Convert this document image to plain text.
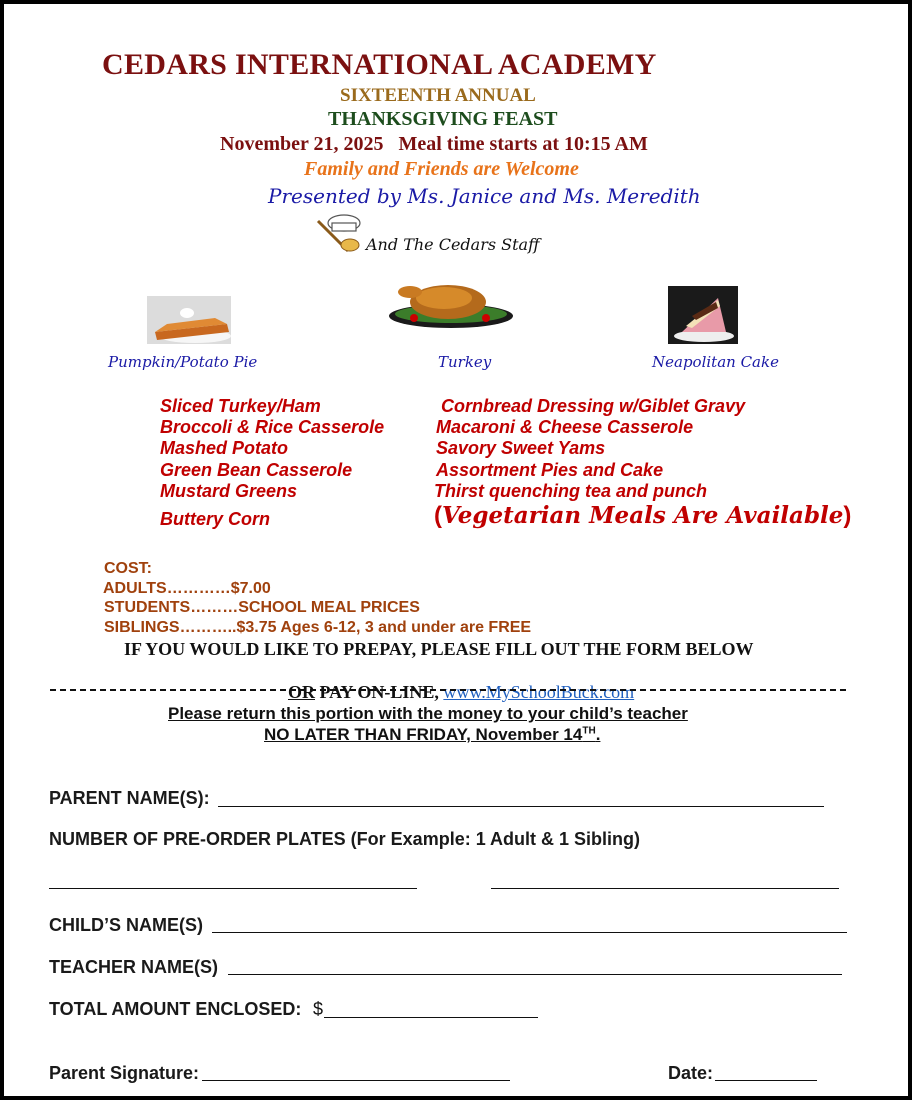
CEDARS INTERNATIONAL ACADEMY
SIXTEENTH ANNUAL
THANKSGIVING FEAST
November 21, 2025   Meal time starts at 10:15 AM
Family and Friends are Welcome
Presented by Ms. Janice and Ms. Meredith
And The Cedars Staff
Pumpkin/Potato Pie	Turkey	Neapolitan Cake
Sliced Turkey/Ham
Broccoli & Rice Casserole
Mashed Potato
Green Bean Casserole
Mustard Greens
Buttery Corn
Cornbread Dressing w/Giblet Gravy
Macaroni & Cheese Casserole
Savory Sweet Yams
Assortment Pies and Cake
Thirst quenching tea and punch
(Vegetarian Meals Are Available)
COST:
ADULTS…………$7.00
STUDENTS………SCHOOL MEAL PRICES
SIBLINGS………..$3.75 Ages 6-12, 3 and under are FREE
IF YOU WOULD LIKE TO PREPAY, PLEASE FILL OUT THE FORM BELOW

OR PAY ON-LINE, www.MySchoolBuck.com

Please return this portion with the money to your child’s teacher
NO LATER THAN FRIDAY, November 14TH.
PARENT NAME(S):
NUMBER OF PRE-ORDER PLATES (For Example: 1 Adult & 1 Sibling)
CHILD’S NAME(S)
TEACHER NAME(S)
TOTAL AMOUNT ENCLOSED: $
Parent Signature:	Date:
